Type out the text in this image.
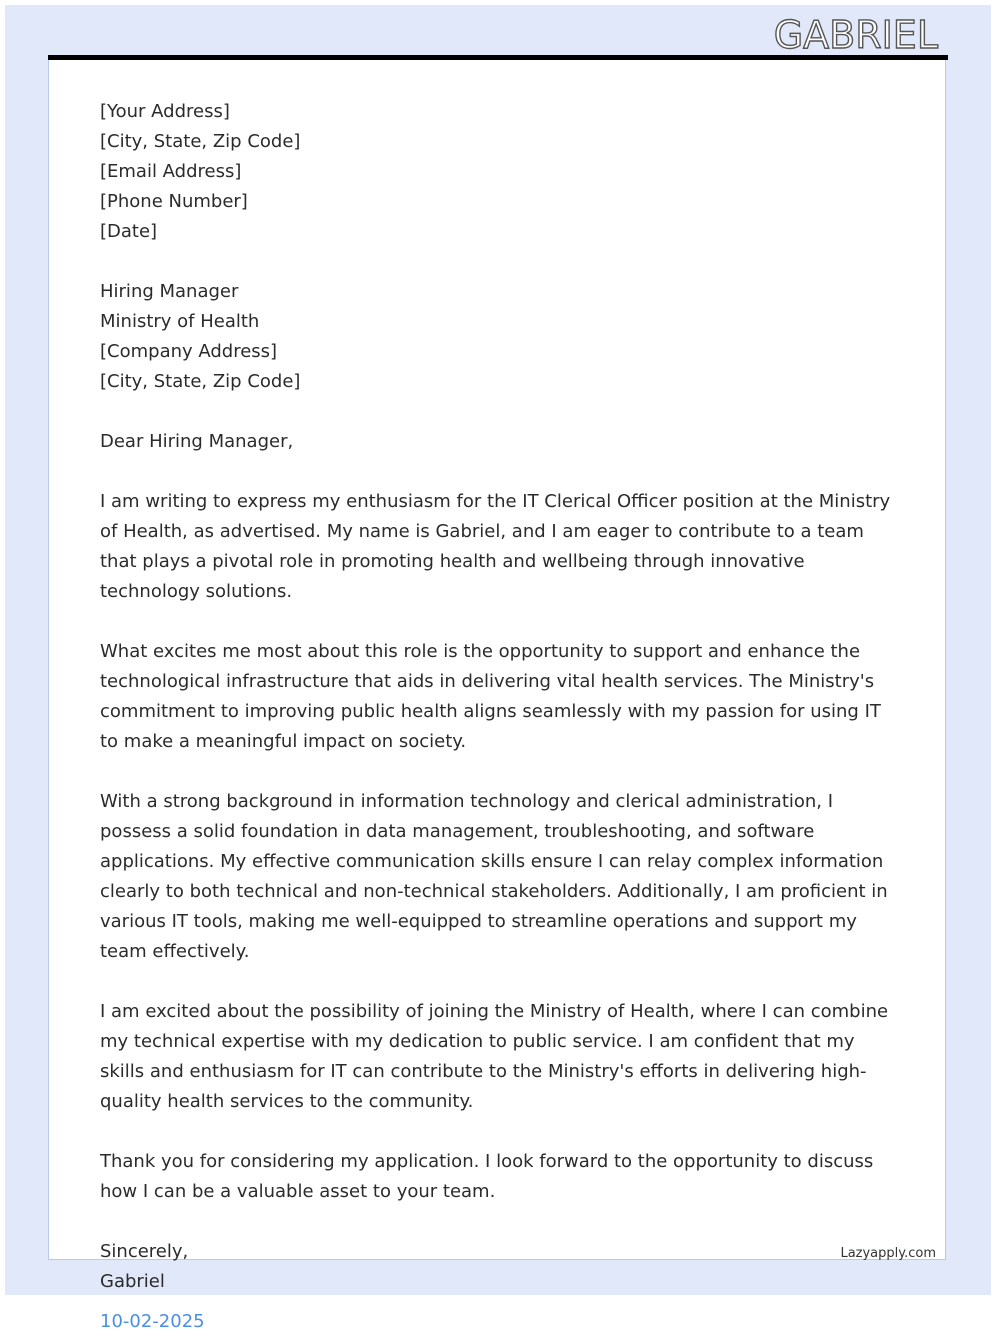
GABRIEL
[Your Address]
[City, State, Zip Code]
[Email Address]
[Phone Number]
[Date]
Hiring Manager
Ministry of Health
[Company Address]
[City, State, Zip Code]
Dear Hiring Manager,
I am writing to express my enthusiasm for the IT Clerical Officer position at the Ministry of Health, as advertised. My name is Gabriel, and I am eager to contribute to a team that plays a pivotal role in promoting health and wellbeing through innovative technology solutions.
What excites me most about this role is the opportunity to support and enhance the technological infrastructure that aids in delivering vital health services. The Ministry's commitment to improving public health aligns seamlessly with my passion for using IT to make a meaningful impact on society.
With a strong background in information technology and clerical administration, I possess a solid foundation in data management, troubleshooting, and software applications. My effective communication skills ensure I can relay complex information clearly to both technical and non-technical stakeholders. Additionally, I am proficient in various IT tools, making me well-equipped to streamline operations and support my team effectively.
I am excited about the possibility of joining the Ministry of Health, where I can combine my technical expertise with my dedication to public service. I am confident that my skills and enthusiasm for IT can contribute to the Ministry's efforts in delivering high-quality health services to the community.
Thank you for considering my application. I look forward to the opportunity to discuss how I can be a valuable asset to your team.
Sincerely,
Gabriel
10-02-2025
Lazyapply.com
